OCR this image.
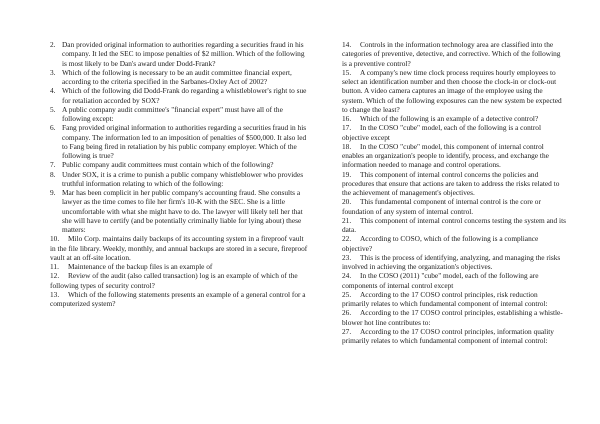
2. Dan provided original information to authorities regarding a securities fraud in his company. It led the SEC to impose penalties of $2 million. Which of the following is most likely to be Dan's award under Dodd-Frank?

3. Which of the following is necessary to be an audit committee financial expert, according to the criteria specified in the Sarbanes-Oxley Act of 2002?

4. Which of the following did Dodd-Frank do regarding a whistleblower's right to sue for retaliation accorded by SOX?

5. A public company audit committee's "financial expert" must have all of the following except:

6. Fang provided original information to authorities regarding a securities fraud in his company. The information led to an imposition of penalties of $500,000. It also led to Fang being fired in retaliation by his public company employer. Which of the following is true?

7. Public company audit committees must contain which of the following?

8. Under SOX, it is a crime to punish a public company whistleblower who provides truthful information relating to which of the following:

9. Mar has been complicit in her public company's accounting fraud. She consults a lawyer as the time comes to file her firm's 10-K with the SEC. She is a little uncomfortable with what she might have to do. The lawyer will likely tell her that she will have to certify (and be potentially criminally liable for lying about) these matters:

10. Milo Corp. maintains daily backups of its accounting system in a fireproof vault in the file library. Weekly, monthly, and annual backups are stored in a secure, fireproof vault at an off-site location.

11. Maintenance of the backup files is an example of

12. Review of the audit (also called transaction) log is an example of which of the following types of security control?

13. Which of the following statements presents an example of a general control for a computerized system?

14. Controls in the information technology area are classified into the categories of preventive, detective, and corrective. Which of the following is a preventive control?

15. A company's new time clock process requires hourly employees to select an identification number and then choose the clock-in or clock-out button. A video camera captures an image of the employee using the system. Which of the following exposures can the new system be expected to change the least?

16. Which of the following is an example of a detective control?

17. In the COSO "cube" model, each of the following is a control objective except

18. In the COSO "cube" model, this component of internal control enables an organization's people to identify, process, and exchange the information needed to manage and control operations.

19. This component of internal control concerns the policies and procedures that ensure that actions are taken to address the risks related to the achievement of management's objectives.

20. This fundamental component of internal control is the core or foundation of any system of internal control.

21. This component of internal control concerns testing the system and its data.

22. According to COSO, which of the following is a compliance objective?

23. This is the process of identifying, analyzing, and managing the risks involved in achieving the organization's objectives.

24. In the COSO (2011) "cube" model, each of the following are components of internal control except

25. According to the 17 COSO control principles, risk reduction primarily relates to which fundamental component of internal control:

26. According to the 17 COSO control principles, establishing a whistle-blower hot line contributes to:

27. According to the 17 COSO control principles, information quality primarily relates to which fundamental component of internal control:
